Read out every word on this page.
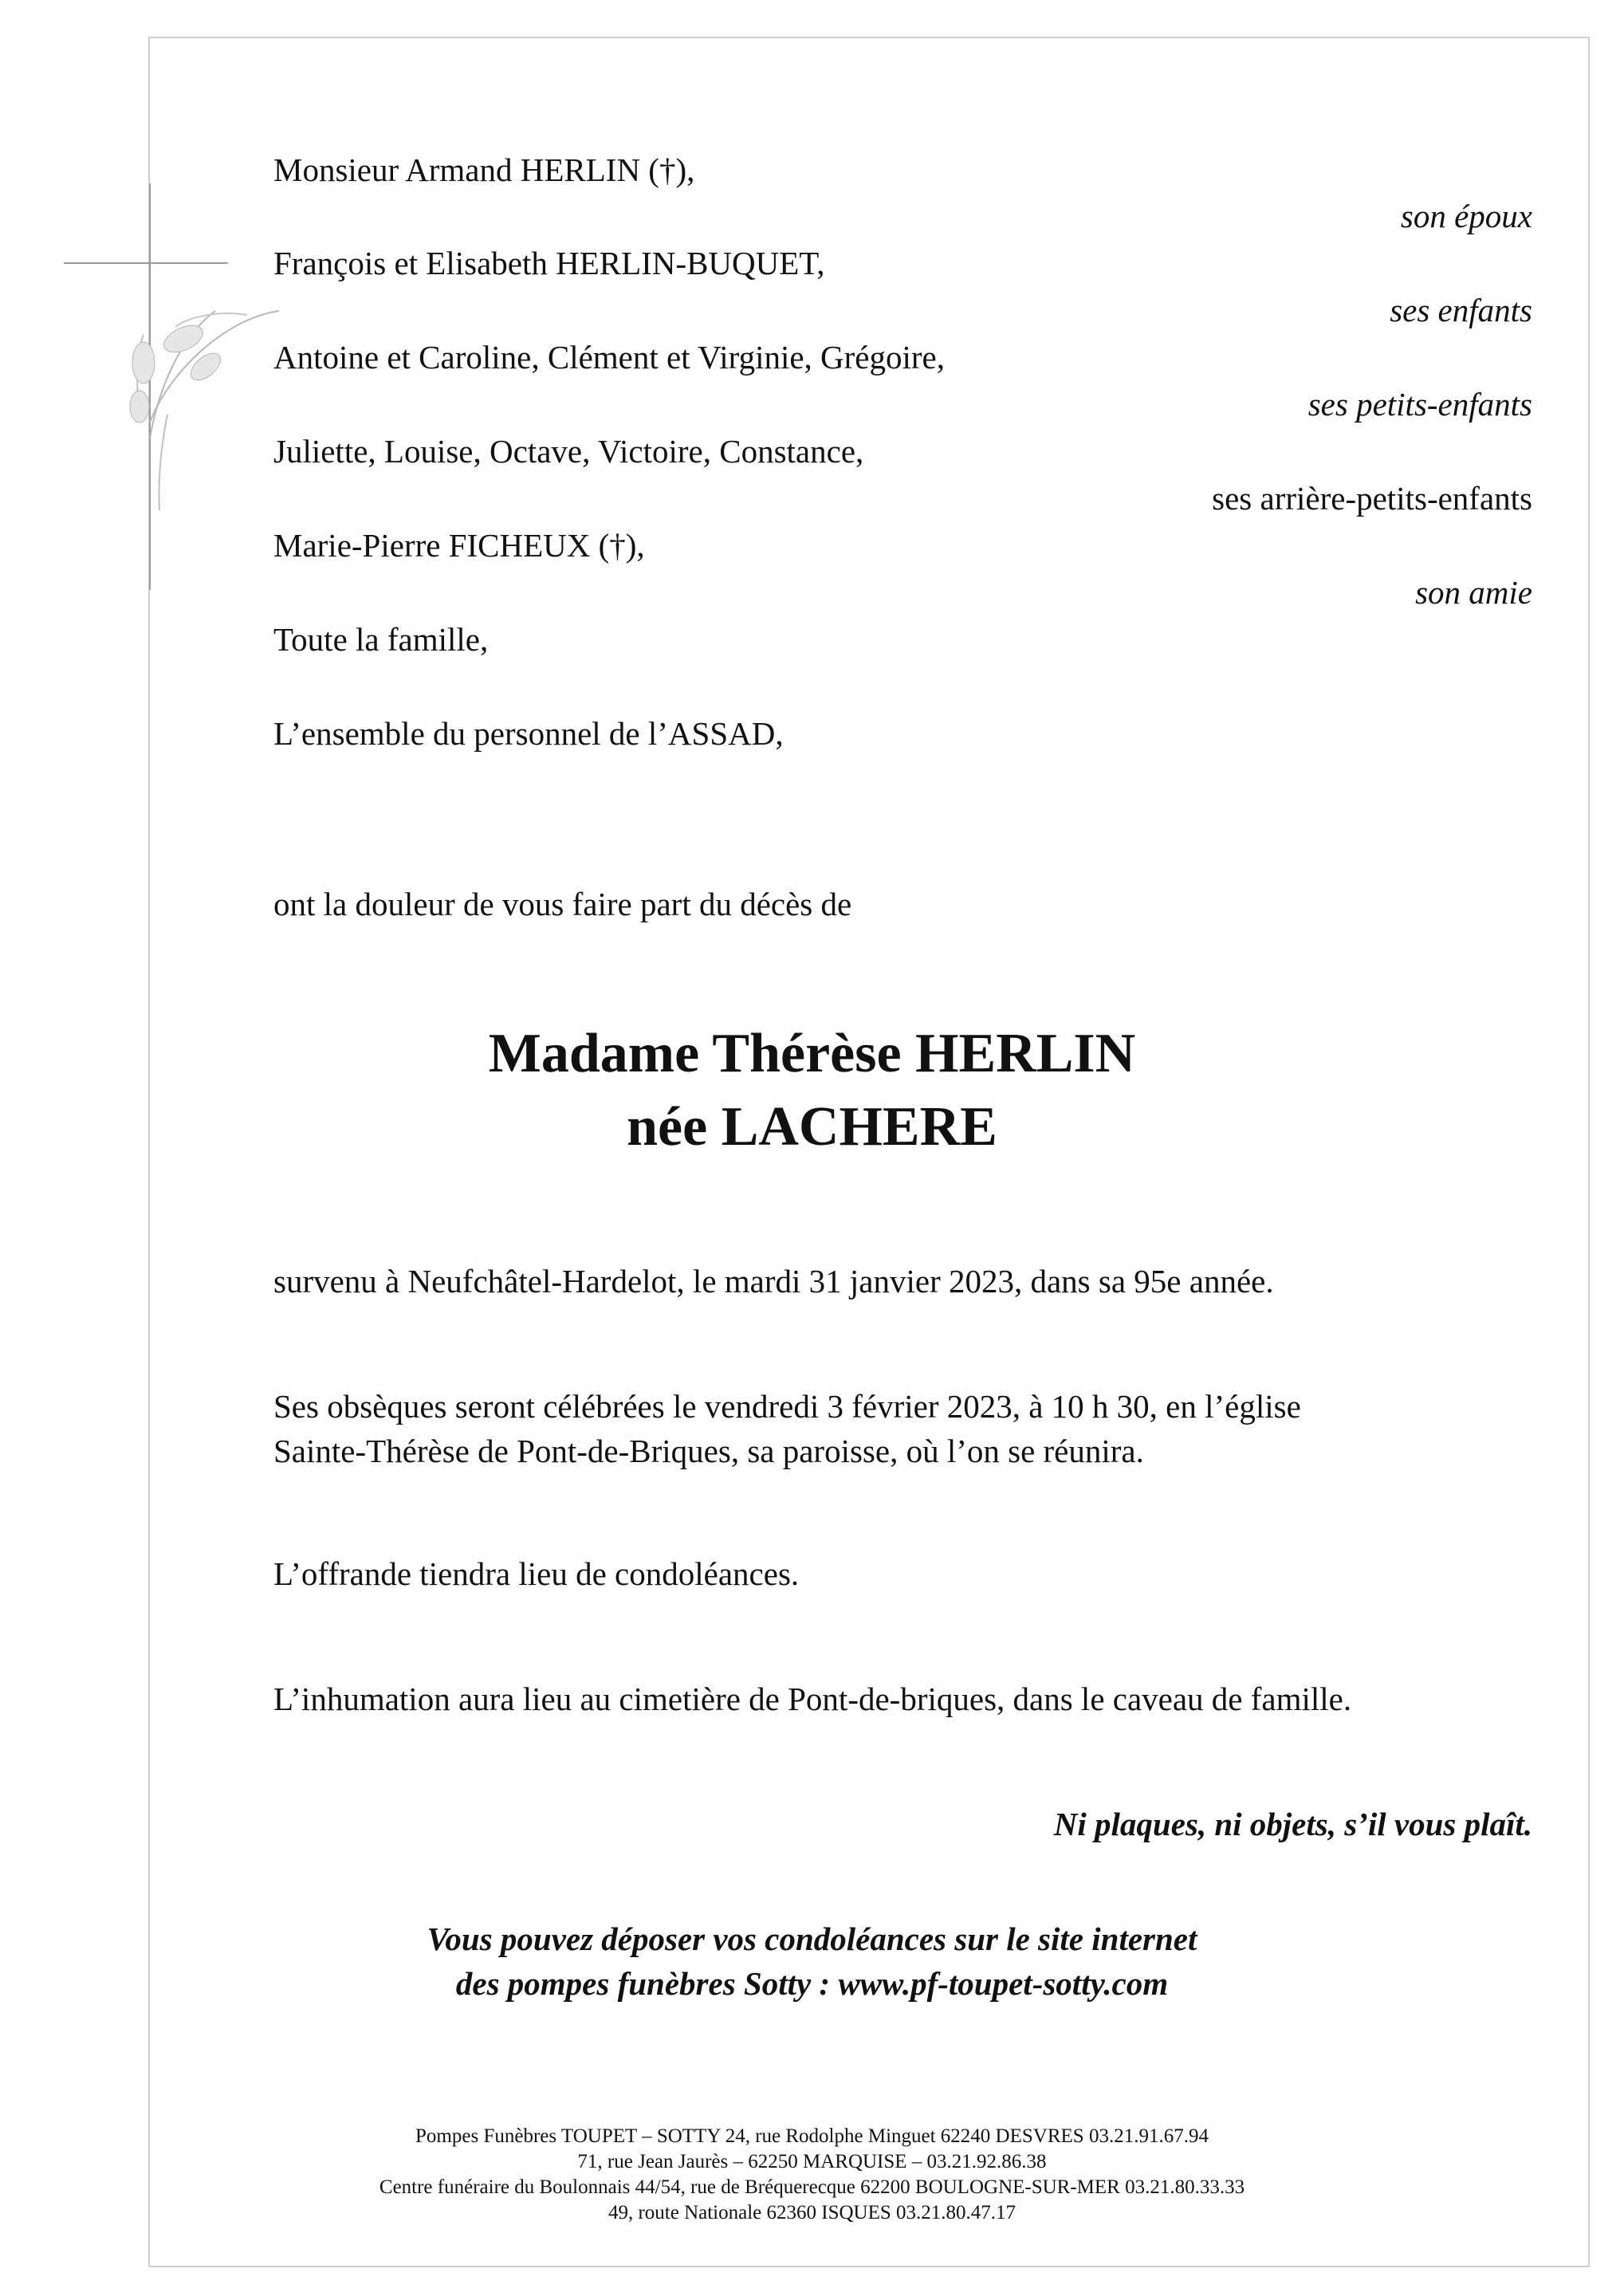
Monsieur Armand HERLIN (†),
François et Elisabeth HERLIN-BUQUET,
Antoine et Caroline, Clément et Virginie, Grégoire,
Juliette, Louise, Octave, Victoire, Constance,
Marie-Pierre FICHEUX (†),
Toute la famille,
L’ensemble du personnel de l’ASSAD,
son époux
ses enfants
ses petits-enfants
ses arrière-petits-enfants
son amie
ont la douleur de vous faire part du décès de
Madame Thérèse HERLIN
née LACHERE
survenu à Neufchâtel-Hardelot, le mardi 31 janvier 2023, dans sa 95e année.
Ses obsèques seront célébrées le vendredi 3 février 2023, à 10 h 30, en l’église
Sainte-Thérèse de Pont-de-Briques, sa paroisse, où l’on se réunira.
L’offrande tiendra lieu de condoléances.
L’inhumation aura lieu au cimetière de Pont-de-briques, dans le caveau de famille.
Ni plaques, ni objets, s’il vous plaît.
Vous pouvez déposer vos condoléances sur le site internet
des pompes funèbres Sotty : www.pf-toupet-sotty.com
Pompes Funèbres TOUPET – SOTTY 24, rue Rodolphe Minguet 62240 DESVRES 03.21.91.67.94
71, rue Jean Jaurès – 62250 MARQUISE – 03.21.92.86.38
Centre funéraire du Boulonnais 44/54, rue de Bréquerecque 62200 BOULOGNE-SUR-MER 03.21.80.33.33
49, route Nationale 62360 ISQUES 03.21.80.47.17
